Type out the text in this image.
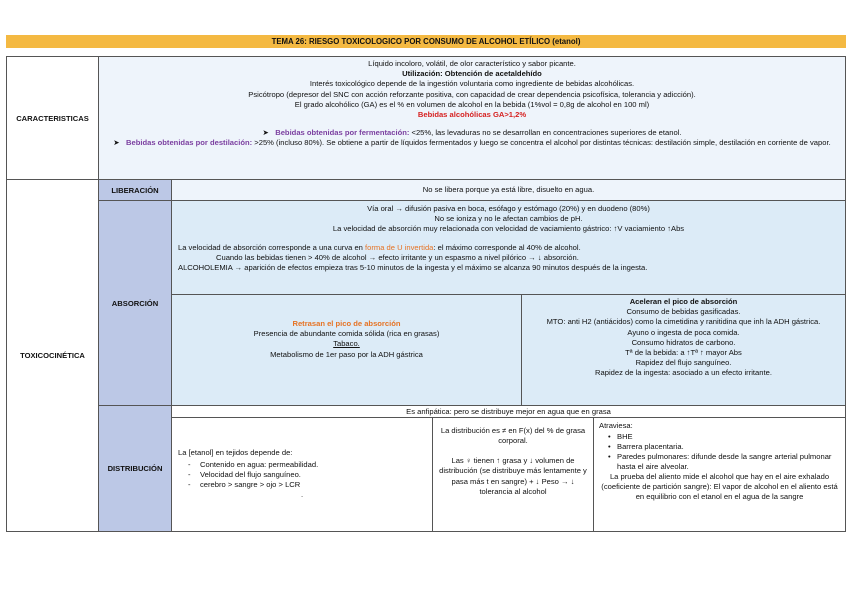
TEMA 26: RIESGO TOXICOLOGICO POR CONSUMO DE ALCOHOL ETÍLICO (etanol)
CARACTERISTICAS
Líquido incoloro, volátil, de olor característico y sabor picante.
Utilización: Obtención de acetaldehído
Interés toxicológico depende de la ingestión voluntaria como ingrediente de bebidas alcohólicas.
Psicótropo (depresor del SNC con acción reforzante positiva, con capacidad de crear dependencia psicofísica, tolerancia y adicción).
El grado alcohólico (GA) es el % en volumen de alcohol en la bebida (1%vol = 0,8g de alcohol en 100 ml)
Bebidas alcohólicas GA>1,2%
➤   Bebidas obtenidas por fermentación: <25%, las levaduras no se desarrollan en concentraciones superiores de etanol.
➤   Bebidas obtenidas por destilación: >25% (incluso 80%). Se obtiene a partir de líquidos fermentados y luego se concentra el alcohol por distintas técnicas: destilación simple, destilación en corriente de vapor.
TOXICOCINÉTICA
LIBERACIÓN	No se libera porque ya está libre, disuelto en agua.
ABSORCIÓN
Vía oral → difusión pasiva en boca, esófago y estómago (20%) y en duodeno (80%)
No se ioniza y no le afectan cambios de pH.
La velocidad de absorción muy relacionada con velocidad de vaciamiento gástrico: ↑V vaciamiento ↑Abs
La velocidad de absorción corresponde a una curva en forma de U invertida: el máximo corresponde al 40% de alcohol.
Cuando las bebidas tienen > 40% de alcohol → efecto irritante y un espasmo a nivel pilórico → ↓ absorción.
ALCOHOLEMIA → aparición de efectos empieza tras 5-10 minutos de la ingesta y el máximo se alcanza 90 minutos después de la ingesta.
Retrasan el pico de absorción
Presencia de abundante comida sólida (rica en grasas)
Tabaco.
Metabolismo de 1er paso por la ADH gástrica
Aceleran el pico de absorción
Consumo de bebidas gasificadas.
MTO: anti H2 (antiácidos) como la cimetidina y ranitidina que inh la ADH gástrica.
Ayuno o ingesta de poca comida.
Consumo hidratos de carbono.
Tª de la bebida: a ↑Tª ↑ mayor Abs
Rapidez del flujo sanguíneo.
Rapidez de la ingesta: asociado a un efecto irritante.
DISTRIBUCIÓN
Es anfipática: pero se distribuye mejor en agua que en grasa
La [etanol] en tejidos depende de:
- Contenido en agua: permeabilidad.
- Velocidad del flujo sanguíneo.
- cerebro > sangre > ojo > LCR
.
La distribución es ≠ en F(x) del % de grasa corporal.
Las ♀ tienen ↑ grasa y ↓ volumen de distribución (se distribuye más lentamente y pasa más t en sangre) + ↓ Peso → ↓ tolerancia al alcohol
Atraviesa:
• BHE
• Barrera placentaria.
• Paredes pulmonares: difunde desde la sangre arterial pulmonar hasta el aire alveolar.
La prueba del aliento mide el alcohol que hay en el aire exhalado (coeficiente de partición sangre): El vapor de alcohol en el aliento está en equilibrio con el etanol en el agua de la sangre
